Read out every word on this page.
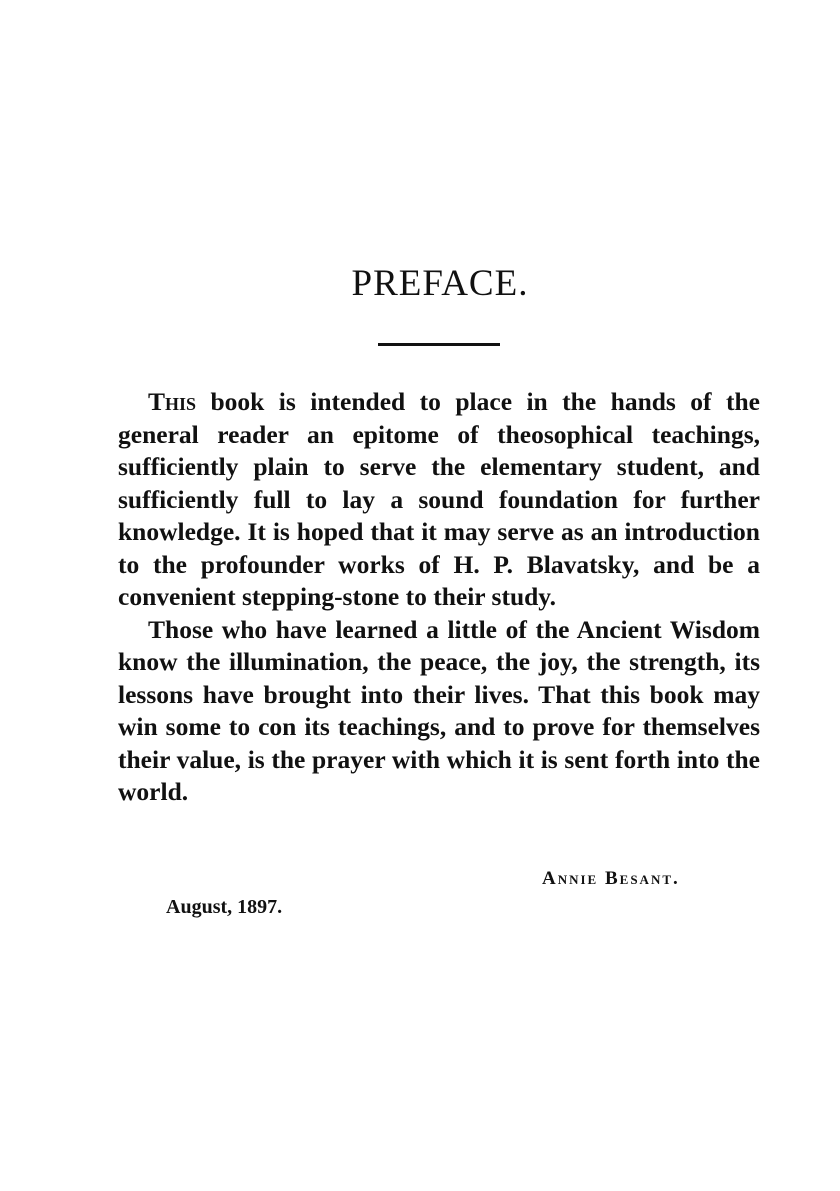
PREFACE.

This book is intended to place in the hands of the general reader an epitome of theosophical teachings, sufficiently plain to serve the elementary student, and sufficiently full to lay a sound foundation for further knowledge. It is hoped that it may serve as an introduction to the profounder works of H. P. Blavatsky, and be a convenient stepping-stone to their study.

Those who have learned a little of the Ancient Wisdom know the illumination, the peace, the joy, the strength, its lessons have brought into their lives. That this book may win some to con its teachings, and to prove for themselves their value, is the prayer with which it is sent forth into the world.

Annie Besant.
August, 1897.
